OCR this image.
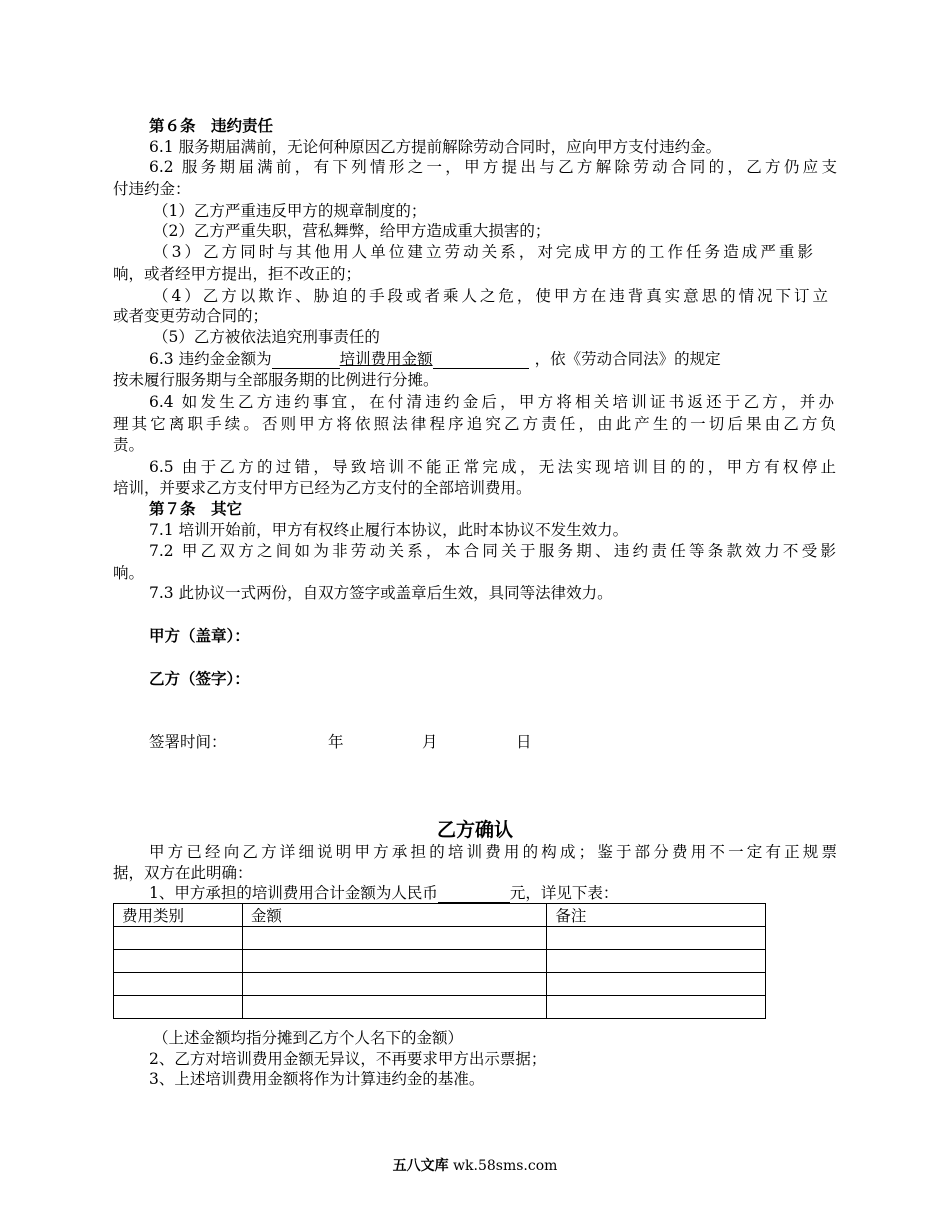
第６条　违约责任
6.1 服务期届满前，无论何种原因乙方提前解除劳动合同时，应向甲方支付违约金。
6.2 服务期届满前，有下列情形之一，甲方提出与乙方解除劳动合同的，乙方仍应支
付违约金：
（1）乙方严重违反甲方的规章制度的；
（2）乙方严重失职，营私舞弊，给甲方造成重大损害的；
（3）乙方同时与其他用人单位建立劳动关系，对完成甲方的工作任务造成严重影
响，或者经甲方提出，拒不改正的；
（4）乙方以欺诈、胁迫的手段或者乘人之危，使甲方在违背真实意思的情况下订立
或者变更劳动合同的；
（5）乙方被依法追究刑事责任的
6.3 违约金金额为	培训费用金额	，依《劳动合同法》的规定
按未履行服务期与全部服务期的比例进行分摊。
6.4 如发生乙方违约事宜，在付清违约金后，甲方将相关培训证书返还于乙方，并办
理其它离职手续。否则甲方将依照法律程序追究乙方责任，由此产生的一切后果由乙方负
责。
6.5 由于乙方的过错，导致培训不能正常完成，无法实现培训目的的，甲方有权停止
培训，并要求乙方支付甲方已经为乙方支付的全部培训费用。
第７条　其它
7.1 培训开始前，甲方有权终止履行本协议，此时本协议不发生效力。
7.2 甲乙双方之间如为非劳动关系，本合同关于服务期、违约责任等条款效力不受影
响。
7.3 此协议一式两份，自双方签字或盖章后生效，具同等法律效力。
甲方（盖章）：
乙方（签字）：
签署时间：	年	月	日
乙方确认
甲方已经向乙方详细说明甲方承担的培训费用的构成；鉴于部分费用不一定有正规票
据，双方在此明确：
1、甲方承担的培训费用合计金额为人民币	元，详见下表：
费用类别	金额	备注

（上述金额均指分摊到乙方个人名下的金额）
2、乙方对培训费用金额无异议，不再要求甲方出示票据；
3、上述培训费用金额将作为计算违约金的基准。
五八文库 wk.58sms.com
